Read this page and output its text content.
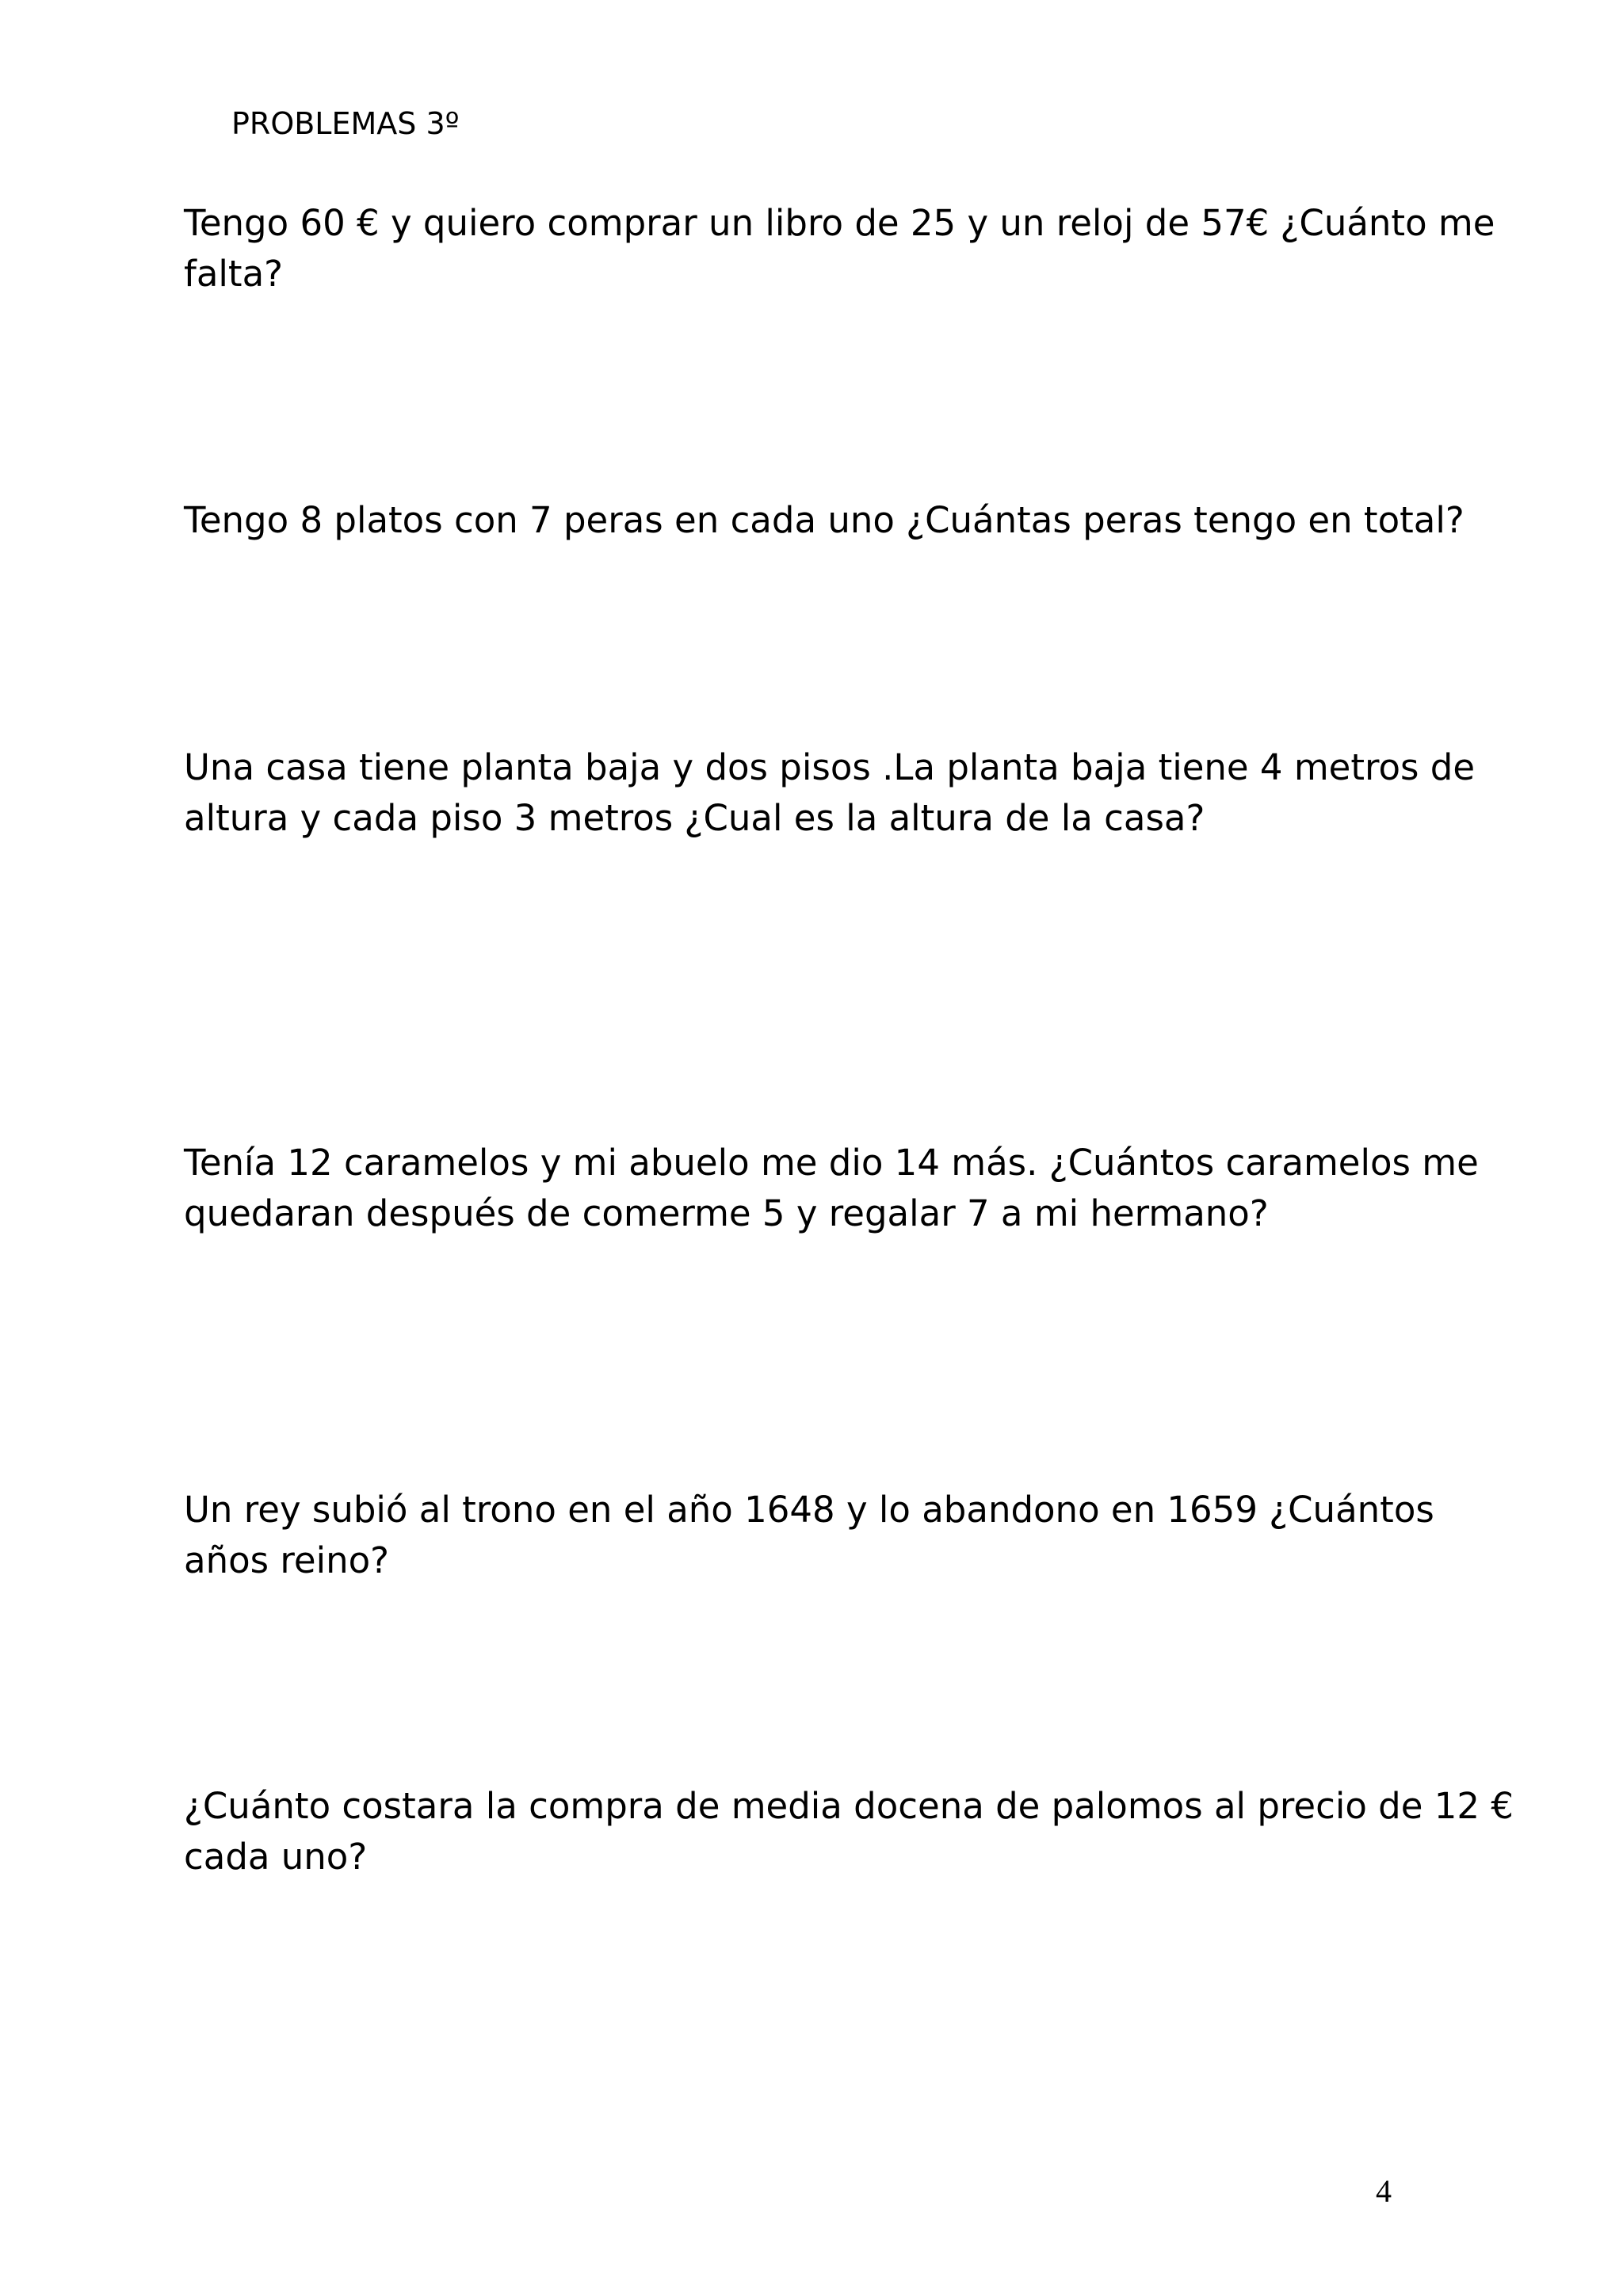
PROBLEMAS 3º
Tengo 60 € y quiero comprar un libro de 25 y un reloj de 57€ ¿Cuánto me falta?
Tengo 8 platos con 7 peras en cada uno ¿Cuántas peras tengo en total?
Una casa tiene planta baja y dos pisos .La planta baja tiene 4 metros de altura y cada piso 3 metros ¿Cual es la altura de la casa?
Tenía 12 caramelos y mi abuelo me dio 14 más. ¿Cuántos caramelos me quedaran después de comerme 5 y regalar 7 a mi hermano?
Un rey subió al trono en el año 1648 y lo abandono en 1659 ¿Cuántos años reino?
¿Cuánto costara la compra de media docena de palomos al precio de 12 € cada uno?
4
